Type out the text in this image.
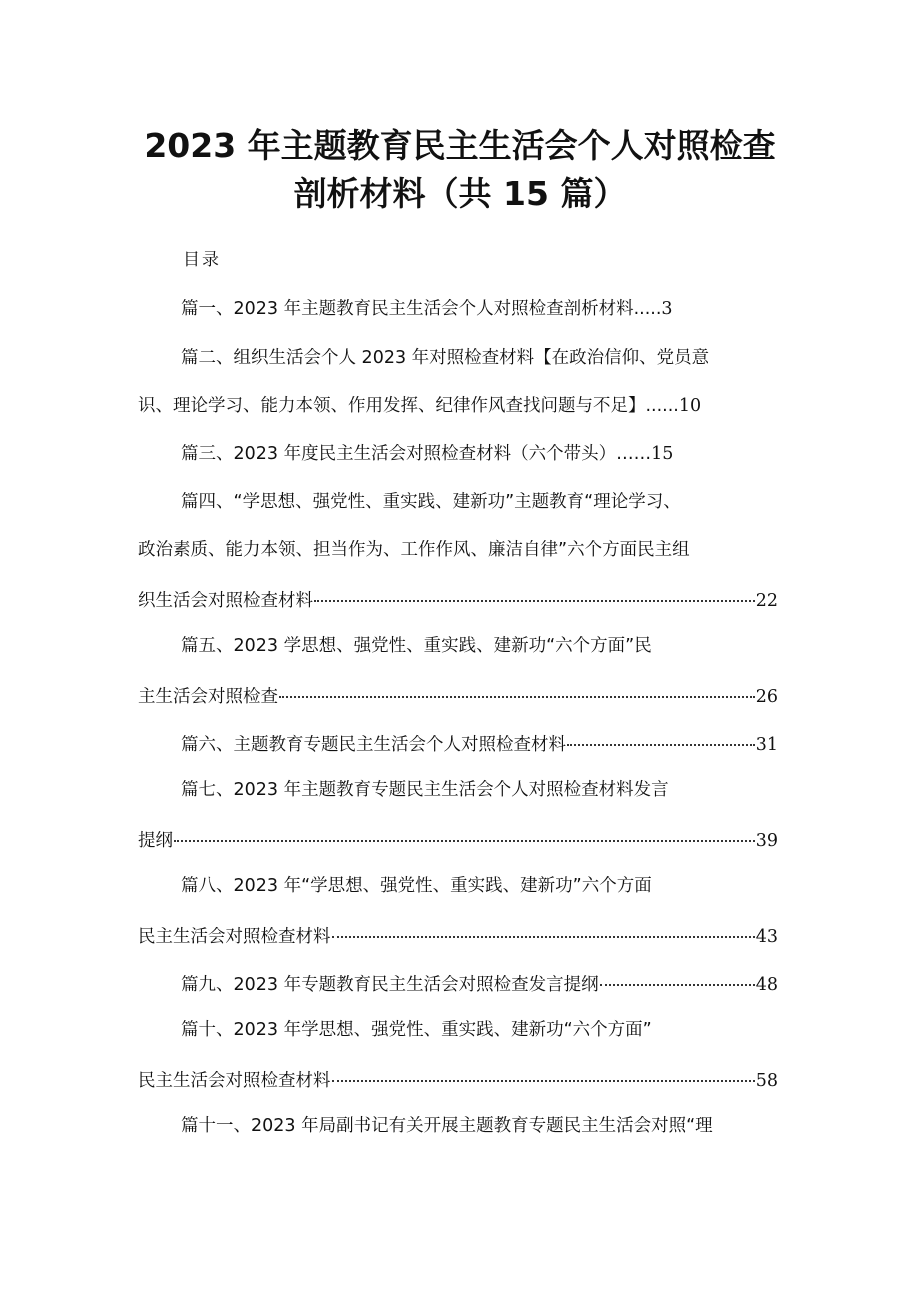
2023 年主题教育民主生活会个人对照检查
剖析材料（共 15 篇）
目录
篇一、2023 年主题教育民主生活会个人对照检查剖析材料..... 3
篇二、组织生活会个人 2023 年对照检查材料【在政治信仰、党员意
识、理论学习、能力本领、作用发挥、纪律作风查找问题与不足】...... 10
篇三、2023 年度民主生活会对照检查材料（六个带头）…… 15
篇四、“学思想、强党性、重实践、建新功”主题教育“理论学习、
政治素质、能力本领、担当作为、工作作风、廉洁自律”六个方面民主组
织生活会对照检查材料	22
篇五、2023 学思想、强党性、重实践、建新功“六个方面”民
主生活会对照检查	26
篇六、主题教育专题民主生活会个人对照检查材料	31
篇七、2023 年主题教育专题民主生活会个人对照检查材料发言
提纲	39
篇八、2023 年“学思想、强党性、重实践、建新功”六个方面
民主生活会对照检查材料	43
篇九、2023 年专题教育民主生活会对照检查发言提纲	48
篇十、2023 年学思想、强党性、重实践、建新功“六个方面”
民主生活会对照检查材料	58
篇十一、2023 年局副书记有关开展主题教育专题民主生活会对照“理
